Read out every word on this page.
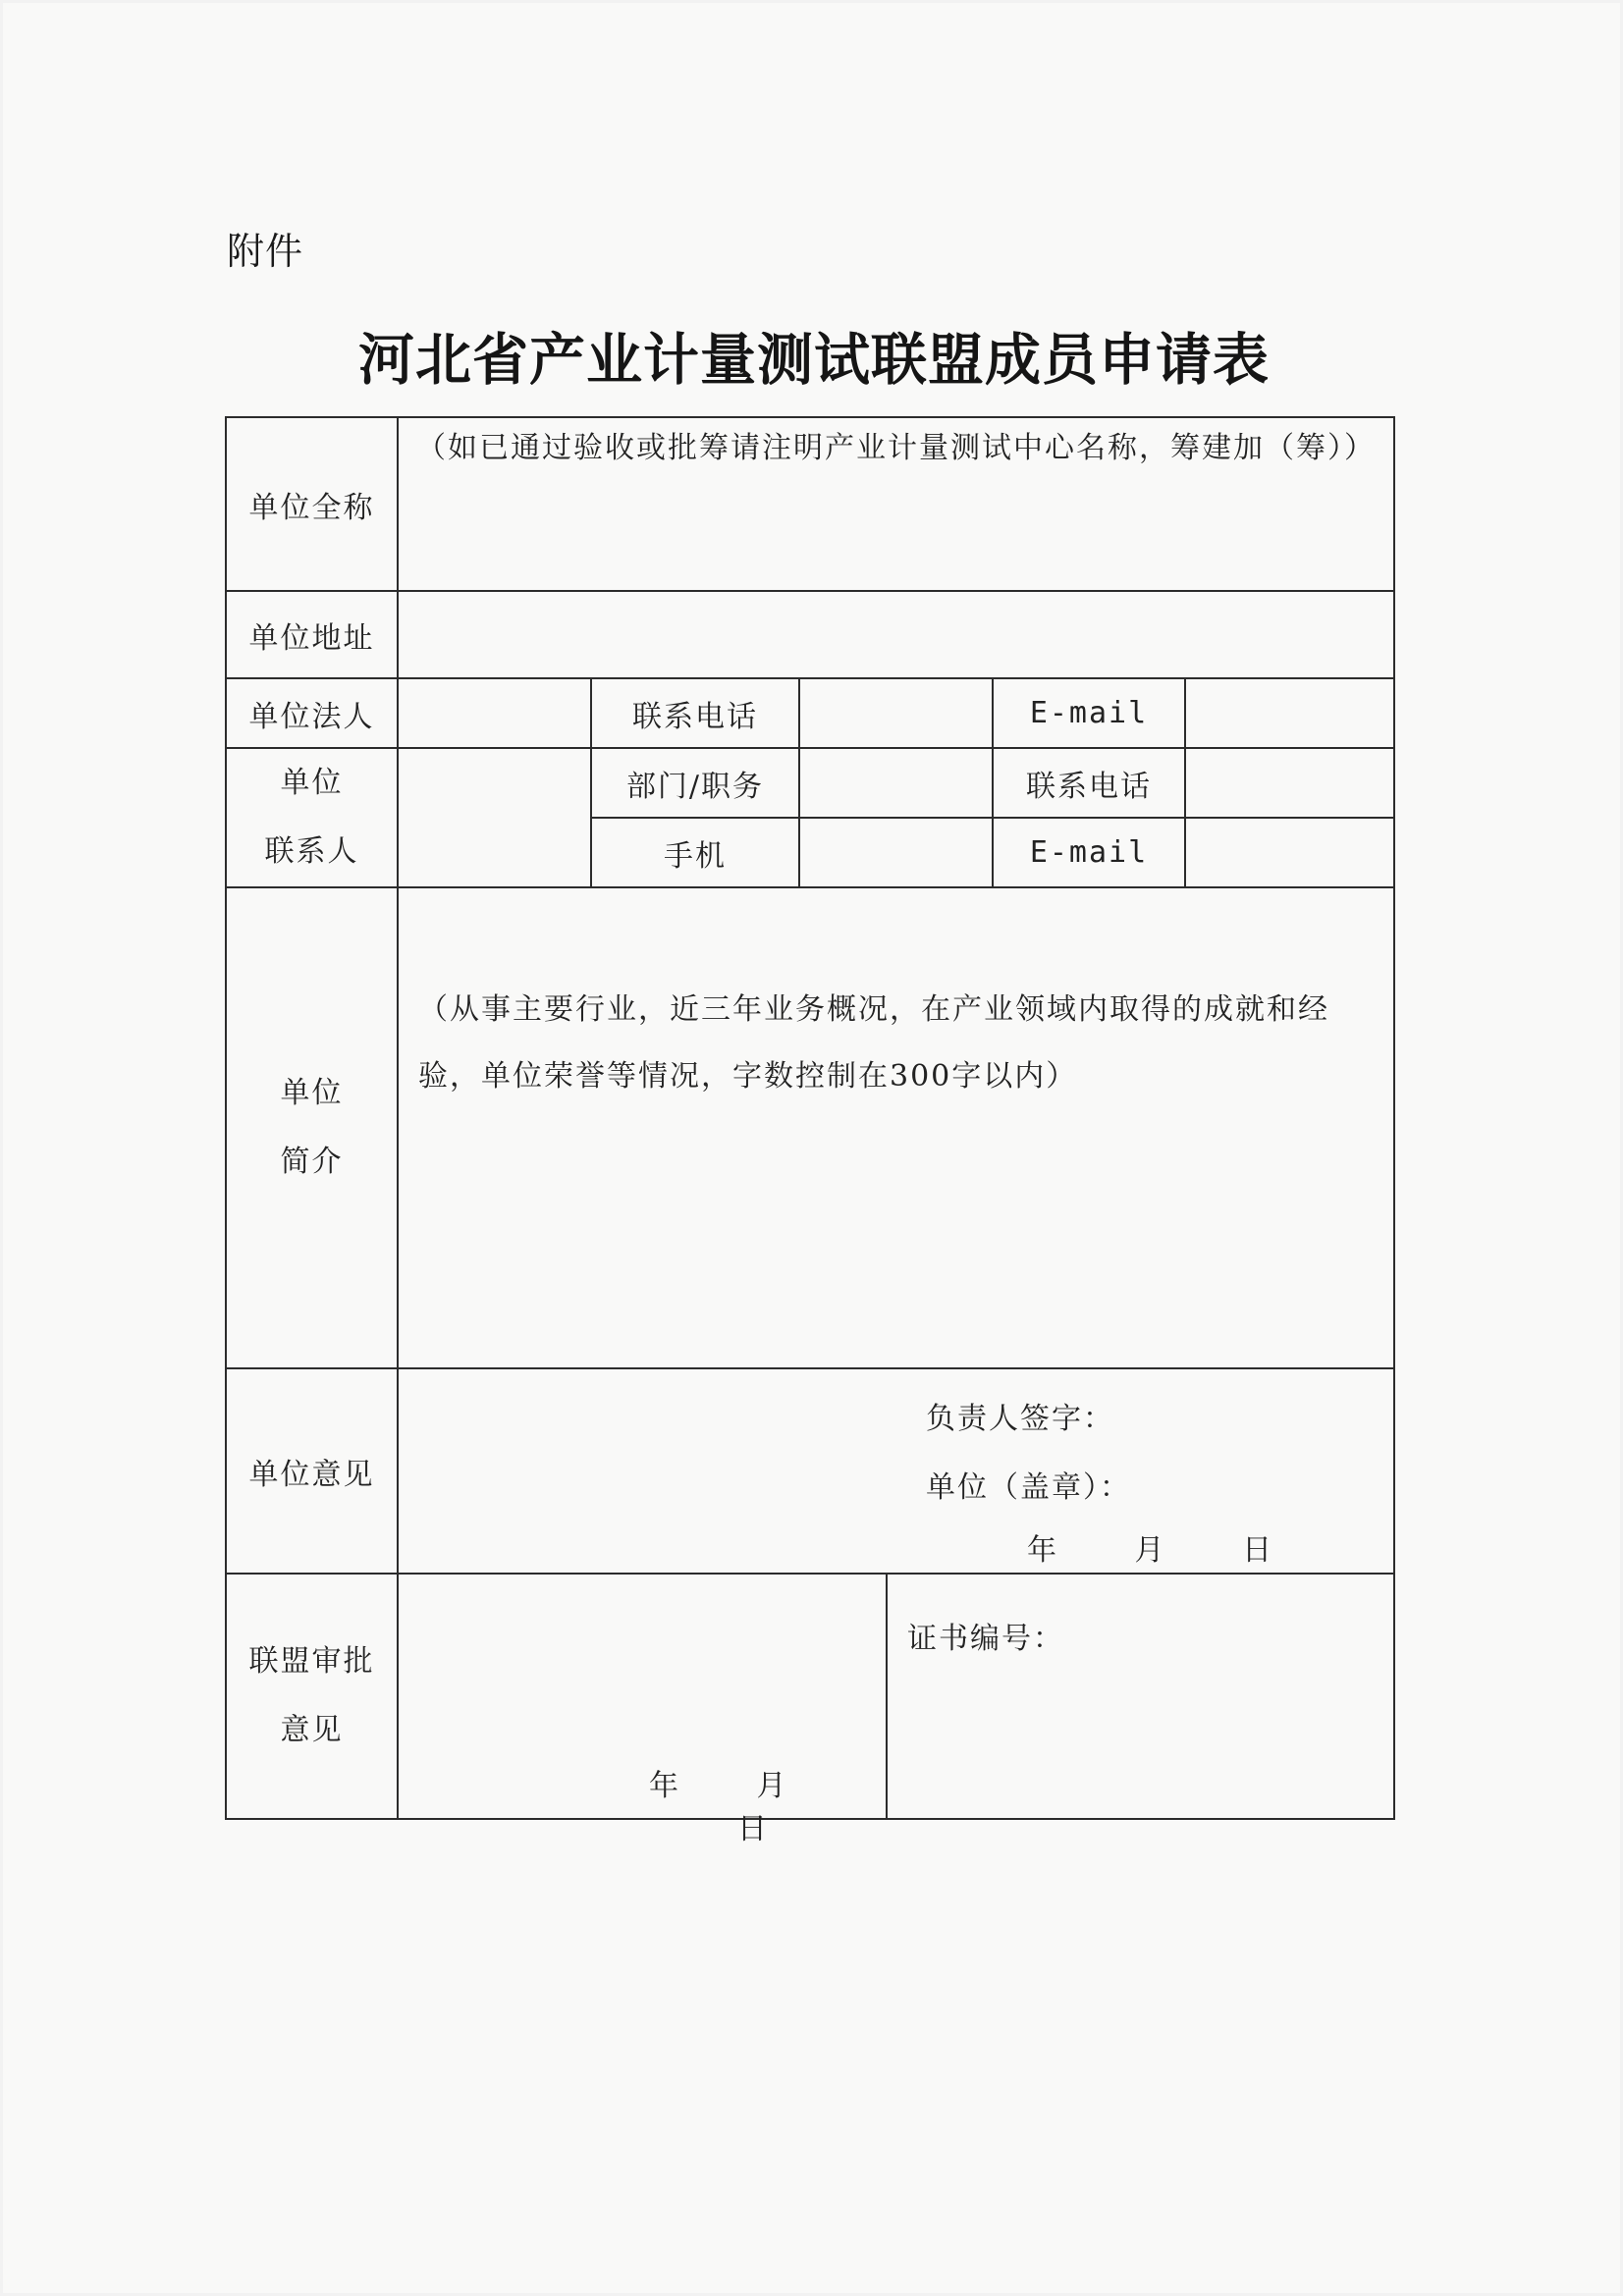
附件
河北省产业计量测试联盟成员申请表
单位全称	（如已通过验收或批筹请注明产业计量测试中心名称，筹建加（筹））					
单位地址						
单位法人		联系电话			E-mail	

单位
联系人		部门/职务			联系电话	
		手机			E-mail	

单位
简介	（从事主要行业，近三年业务概况，在产业领域内取得的成就和经验，单位荣誉等情况，字数控制在300字以内）					
单位意见	负责人签字：
单位（盖章）：
年 月 日					

联盟审批
意见	年 月 日			证书编号：		
